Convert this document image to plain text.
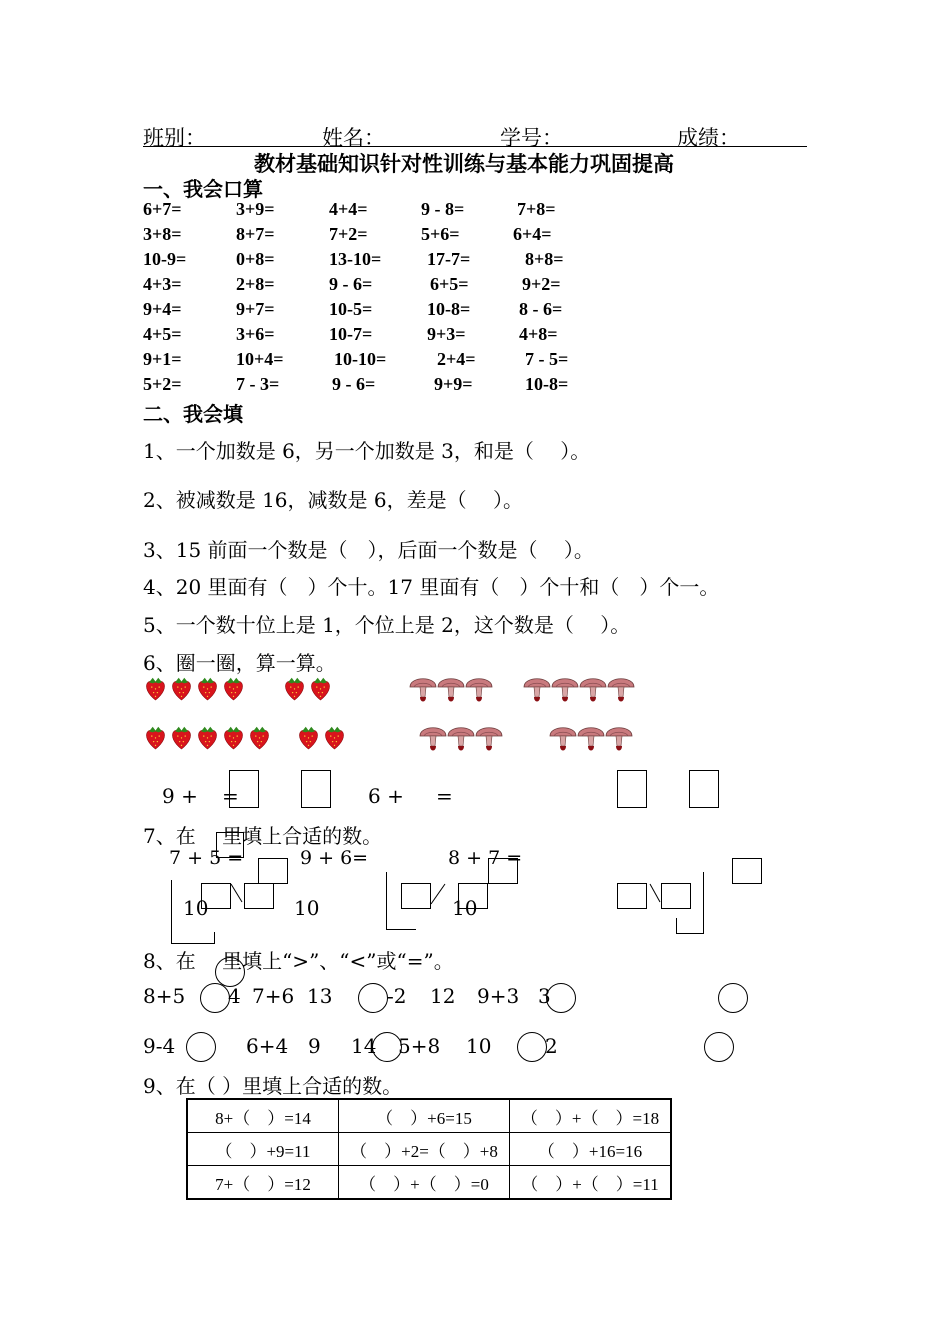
班别：	姓名：	学号：	成绩：
教材基础知识针对性训练与基本能力巩固提高
一、我会口算
6+7=	3+9=	4+4=	9 ‑ 8=	7+8=
3+8=	8+7=	7+2=	5+6=	6+4=
10-9=	0+8=	13-10=	17-7=	8+8=
4+3=	2+8=	9 ‑ 6=	6+5=	9+2=
9+4=	9+7=	10-5=	10-8=	8 ‑ 6=
4+5=	3+6=	10-7=	9+3=	4+8=
9+1=	10+4=	10-10=	2+4=	7 ‑ 5=
5+2=	7 ‑ 3=	9 ‑ 6=	9+9=	10-8=
二、我会填
1、一个加数是 6，另一个加数是 3，和是（　 ）。
2、被减数是 16，减数是 6，差是（　 ）。
3、15 前面一个数是（　），后面一个数是（　 ）。
4、20 里面有（　）个十。17 里面有（　）个十和（　）个一。
5、一个数十位上是 1，个位上是 2，这个数是（　 ）。
6、圈一圈，算一算。
9 + =	6 + =
7、在　 里填上合适的数。
7 + 5 =	9 + 6=	8 + 7 =
10	10	10
8、在　 里填上“>”、“<”或“=”。
8+5 4 7+6 13	-2 12 9+3 3
9-4	6+4 9 14 5+8 10	2
9、在（ ）里填上合适的数。
8+（　）=14	（　）+6=15	（　）+（　）=18
（　）+9=11	（　）+2=（　）+8	（　）+16=16
7+（　）=12	（　）+（　）=0	（　）+（　）=11
